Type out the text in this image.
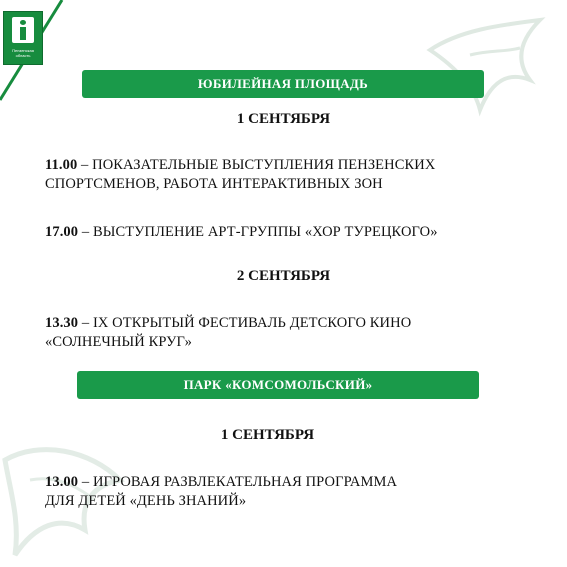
Пензенская область
ЮБИЛЕЙНАЯ ПЛОЩАДЬ
1 СЕНТЯБРЯ
11.00 – ПОКАЗАТЕЛЬНЫЕ ВЫСТУПЛЕНИЯ ПЕНЗЕНСКИХ
СПОРТСМЕНОВ, РАБОТА ИНТЕРАКТИВНЫХ ЗОН
17.00 – ВЫСТУПЛЕНИЕ АРТ-ГРУППЫ «ХОР ТУРЕЦКОГО»
2 СЕНТЯБРЯ
13.30 – IX ОТКРЫТЫЙ ФЕСТИВАЛЬ ДЕТСКОГО КИНО
«СОЛНЕЧНЫЙ КРУГ»
ПАРК «КОМСОМОЛЬСКИЙ»
1 СЕНТЯБРЯ
13.00 – ИГРОВАЯ РАЗВЛЕКАТЕЛЬНАЯ ПРОГРАММА
ДЛЯ ДЕТЕЙ «ДЕНЬ ЗНАНИЙ»
